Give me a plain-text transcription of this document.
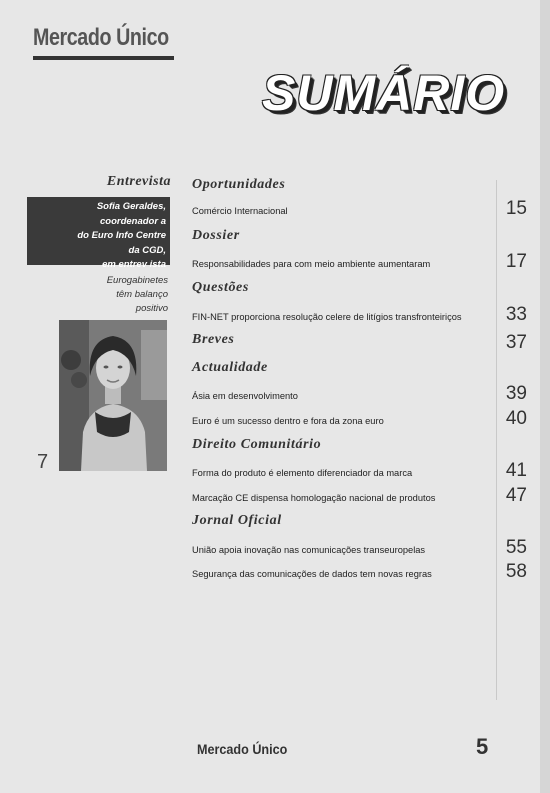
Mercado Único
SUMÁRIO
Entrevista
Sofia Geraldes,
coordenador a
do Euro Info Centre
da CGD,
em entrev ista
Eurogabinetes
têm balanço
positivo
7
Oportunidades
Comércio Internacional	15
Dossier
Responsabilidades para com meio ambiente aumentaram	17
Questões
FIN-NET proporciona resolução celere de litígios transfronteiriços 33
Breves	37
Actualidade
Ásia em desenvolvimento	39
Euro é um sucesso dentro e fora da zona euro	40
Direito Comunitário
Forma do produto é elemento diferenciador da marca	41
Marcação CE dispensa homologação nacional de produtos	47
Jornal Oficial
União apoia inovação nas comunicações transeuropelas	55
Segurança das comunicações de dados tem novas regras	58
Mercado Único	5
